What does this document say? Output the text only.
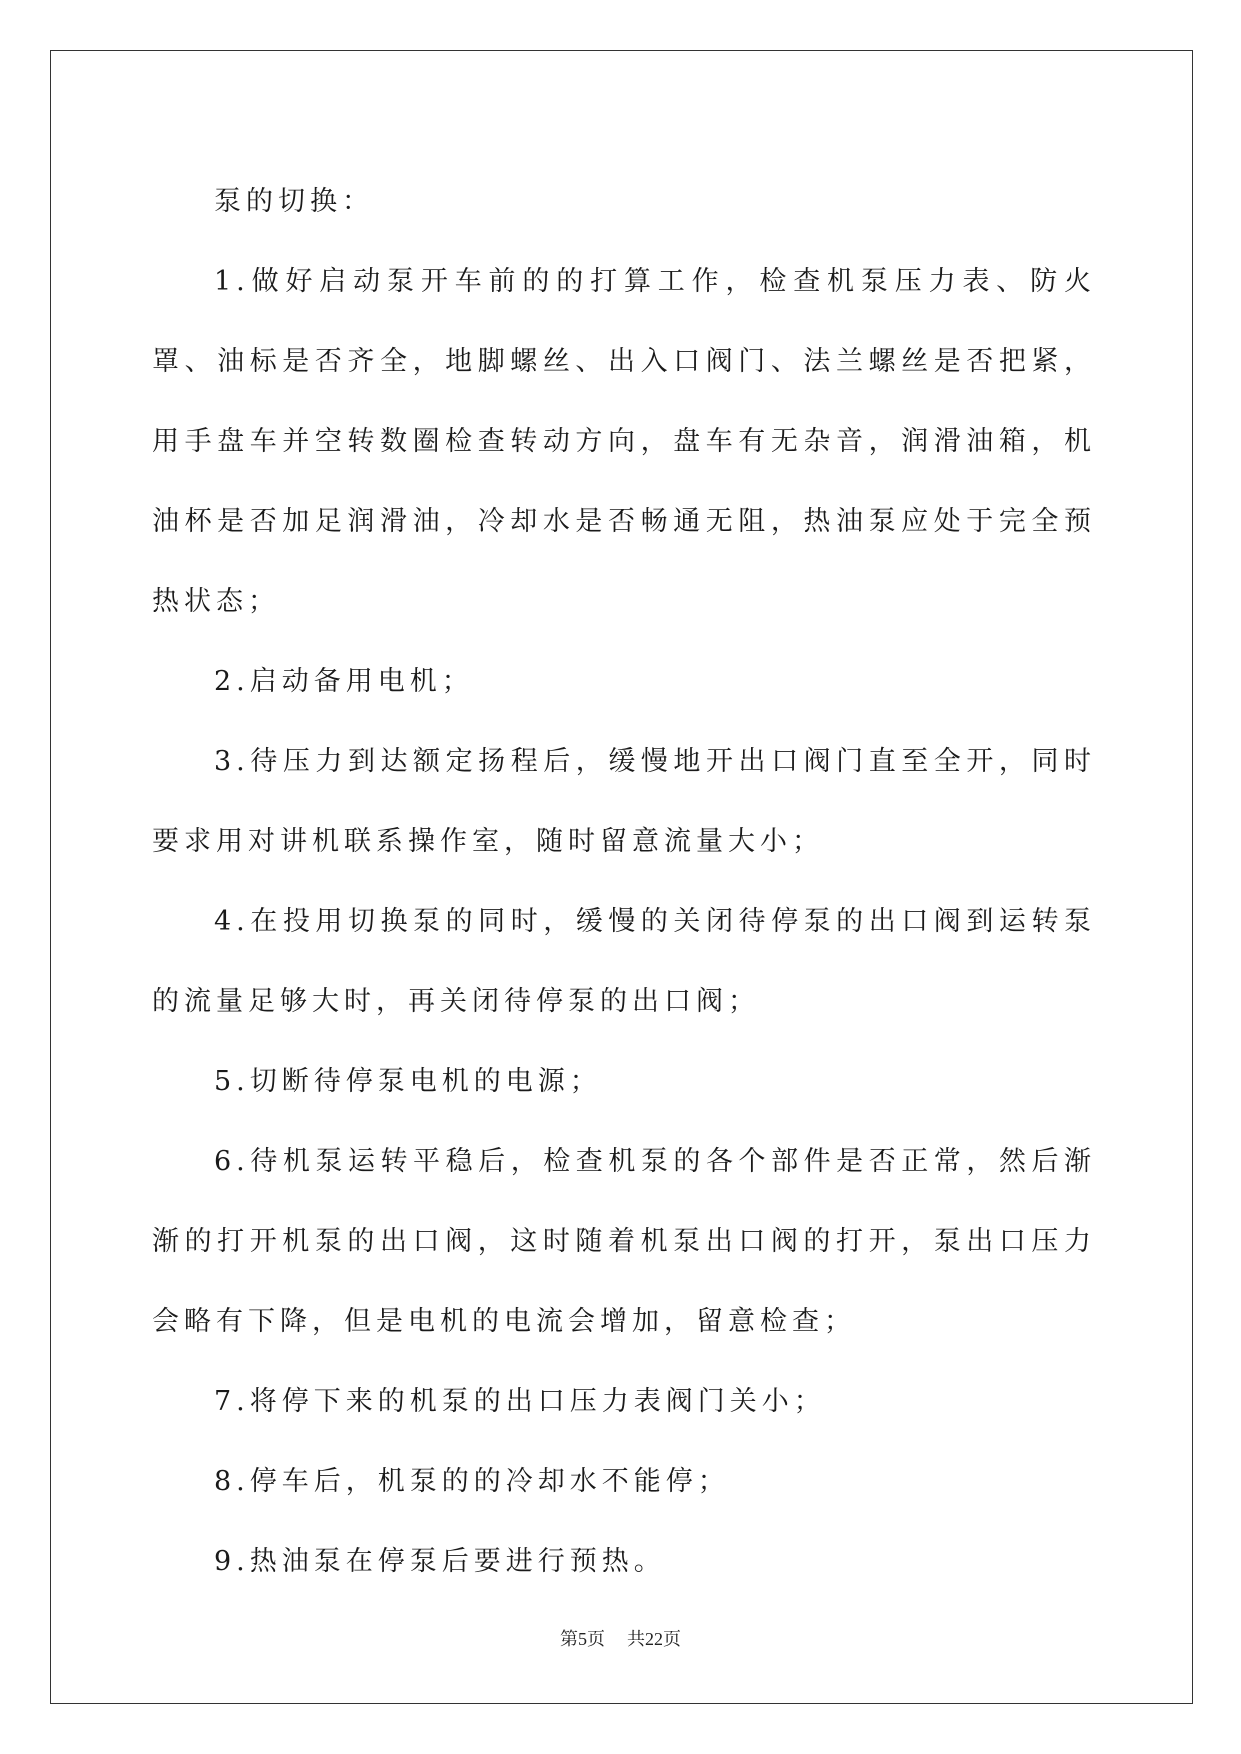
泵的切换：

1.做好启动泵开车前的的打算工作，检查机泵压力表、防火罩、油标是否齐全，地脚螺丝、出入口阀门、法兰螺丝是否把紧，用手盘车并空转数圈检查转动方向，盘车有无杂音，润滑油箱，机油杯是否加足润滑油，冷却水是否畅通无阻，热油泵应处于完全预热状态；

2.启动备用电机；

3.待压力到达额定扬程后，缓慢地开出口阀门直至全开，同时要求用对讲机联系操作室，随时留意流量大小；

4.在投用切换泵的同时，缓慢的关闭待停泵的出口阀到运转泵的流量足够大时，再关闭待停泵的出口阀；

5.切断待停泵电机的电源；

6.待机泵运转平稳后，检查机泵的各个部件是否正常，然后渐渐的打开机泵的出口阀，这时随着机泵出口阀的打开，泵出口压力会略有下降，但是电机的电流会增加，留意检查；

7.将停下来的机泵的出口压力表阀门关小；

8.停车后，机泵的的冷却水不能停；

9.热油泵在停泵后要进行预热。

第5页 共22页
